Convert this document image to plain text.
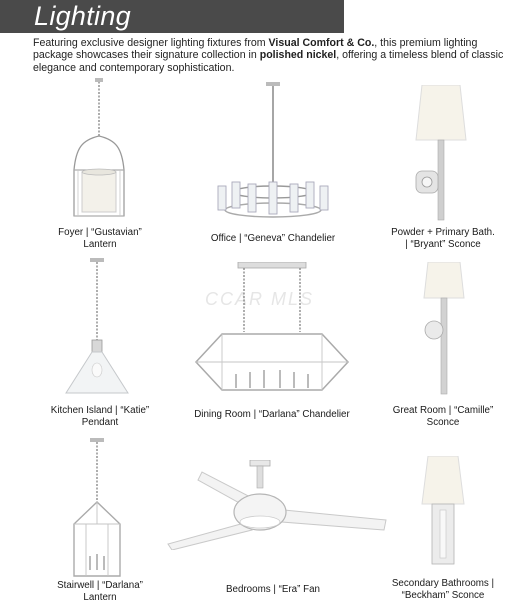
Lighting
Featuring exclusive designer lighting fixtures from Visual Comfort & Co., this premium lighting package showcases their signature collection in polished nickel, offering a timeless blend of classic elegance and contemporary sophistication.
CCAR MLS
Foyer | “Gustavian”
Lantern
Office | “Geneva” Chandelier
Powder + Primary Bath.
| “Bryant” Sconce
Kitchen Island | “Katie”
Pendant
Dining Room | “Darlana” Chandelier	Great Room | “Camille”
Sconce
Stairwell | “Darlana”
Lantern
Bedrooms | “Era” Fan
Secondary Bathrooms |
“Beckham” Sconce
